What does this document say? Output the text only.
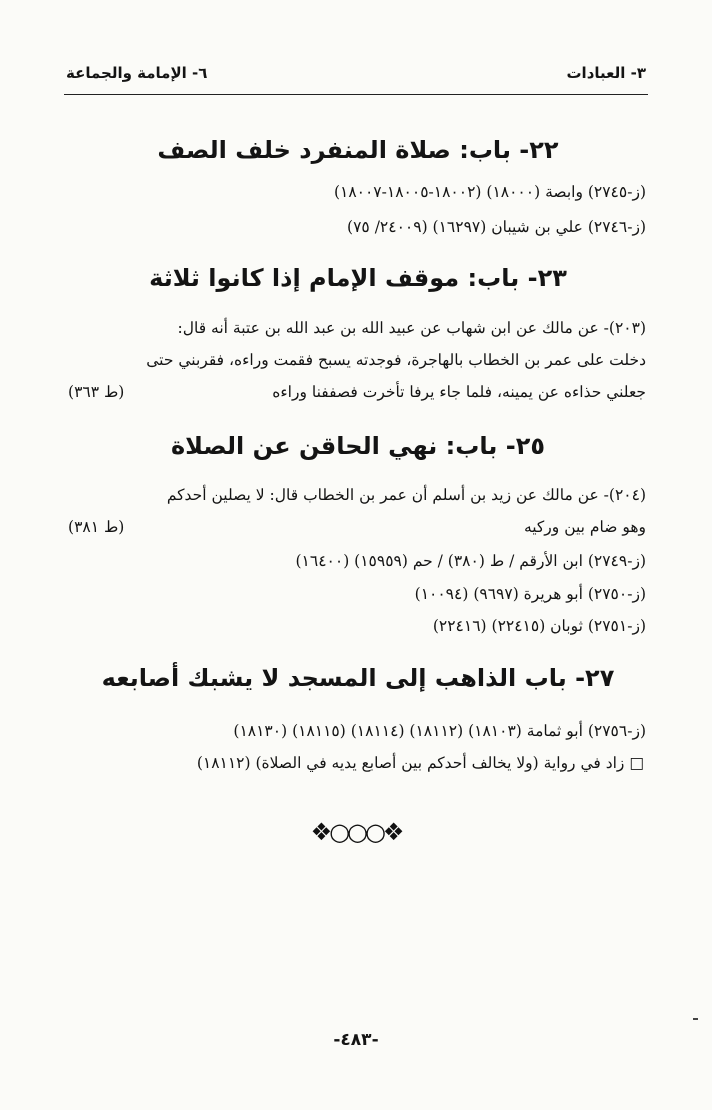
٣- العبادات
٦- الإمامة والجماعة
٢٢- باب: صلاة المنفرد خلف الصف
(ز-٢٧٤٥) وابصة (١٨٠٠٠) (١٨٠٠٢-١٨٠٠٥-١٨٠٠٧)
(ز-٢٧٤٦) علي بن شيبان (١٦٢٩٧) (٢٤٠٠٩/ ٧٥)
٢٣- باب: موقف الإمام إذا كانوا ثلاثة
(٢٠٣)- عن مالك عن ابن شهاب عن عبيد الله بن عبد الله بن عتبة أنه قال:
دخلت على عمر بن الخطاب بالهاجرة، فوجدته يسبح فقمت وراءه، فقربني حتى
جعلني حذاءه عن يمينه، فلما جاء يرفا تأخرت فصففنا وراءه
(ط ٣٦٣)
٢٥- باب: نهي الحاقن عن الصلاة
(٢٠٤)- عن مالك عن زيد بن أسلم أن عمر بن الخطاب قال: لا يصلين أحدكم
وهو ضام بين وركيه
(ط ٣٨١)
(ز-٢٧٤٩) ابن الأرقم / ط (٣٨٠) / حم (١٥٩٥٩) (١٦٤٠٠)
(ز-٢٧٥٠) أبو هريرة (٩٦٩٧) (١٠٠٩٤)
(ز-٢٧٥١) ثوبان (٢٢٤١٥) (٢٢٤١٦)
٢٧- باب الذاهب إلى المسجد لا يشبك أصابعه
(ز-٢٧٥٦) أبو ثمامة (١٨١٠٣) (١٨١١٢) (١٨١١٤) (١٨١١٥) (١٨١٣٠)
□ زاد في رواية (ولا يخالف أحدكم بين أصابع يديه في الصلاة) (١٨١١٢)
❖○○○❖
-٤٨٣-
